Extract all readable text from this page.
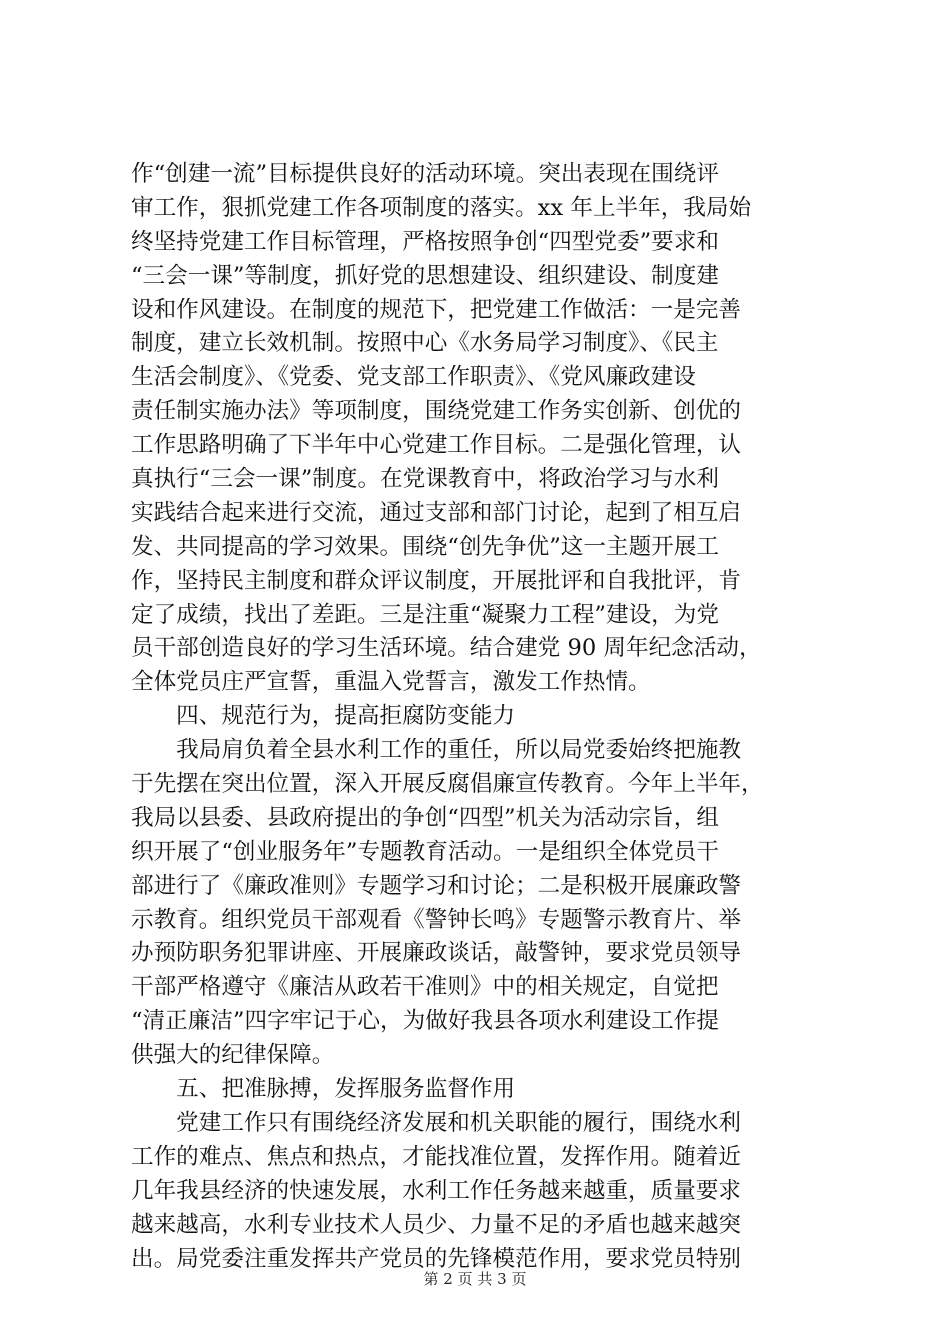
作“创建一流”目标提供良好的活动环境。突出表现在围绕评
审工作，狠抓党建工作各项制度的落实。xx 年上半年，我局始
终坚持党建工作目标管理，严格按照争创“四型党委”要求和
“三会一课”等制度，抓好党的思想建设、组织建设、制度建
设和作风建设。在制度的规范下，把党建工作做活：一是完善
制度，建立长效机制。按照中心《水务局学习制度》、《民主
生活会制度》、《党委、党支部工作职责》、《党风廉政建设
责任制实施办法》等项制度，围绕党建工作务实创新、创优的
工作思路明确了下半年中心党建工作目标。二是强化管理，认
真执行“三会一课”制度。在党课教育中，将政治学习与水利
实践结合起来进行交流，通过支部和部门讨论，起到了相互启
发、共同提高的学习效果。围绕“创先争优”这一主题开展工
作，坚持民主制度和群众评议制度，开展批评和自我批评，肯
定了成绩，找出了差距。三是注重“凝聚力工程”建设，为党
员干部创造良好的学习生活环境。结合建党 90 周年纪念活动，
全体党员庄严宣誓，重温入党誓言，激发工作热情。
　　四、规范行为，提高拒腐防变能力
　　我局肩负着全县水利工作的重任，所以局党委始终把施教
于先摆在突出位置，深入开展反腐倡廉宣传教育。今年上半年，
我局以县委、县政府提出的争创“四型”机关为活动宗旨，组
织开展了“创业服务年”专题教育活动。一是组织全体党员干
部进行了《廉政准则》专题学习和讨论；二是积极开展廉政警
示教育。组织党员干部观看《警钟长鸣》专题警示教育片、举
办预防职务犯罪讲座、开展廉政谈话，敲警钟，要求党员领导
干部严格遵守《廉洁从政若干准则》中的相关规定，自觉把
“清正廉洁”四字牢记于心，为做好我县各项水利建设工作提
供强大的纪律保障。
　　五、把准脉搏，发挥服务监督作用
　　党建工作只有围绕经济发展和机关职能的履行，围绕水利
工作的难点、焦点和热点，才能找准位置，发挥作用。随着近
几年我县经济的快速发展，水利工作任务越来越重，质量要求
越来越高，水利专业技术人员少、力量不足的矛盾也越来越突
出。局党委注重发挥共产党员的先锋模范作用，要求党员特别
第 2 页 共 3 页
